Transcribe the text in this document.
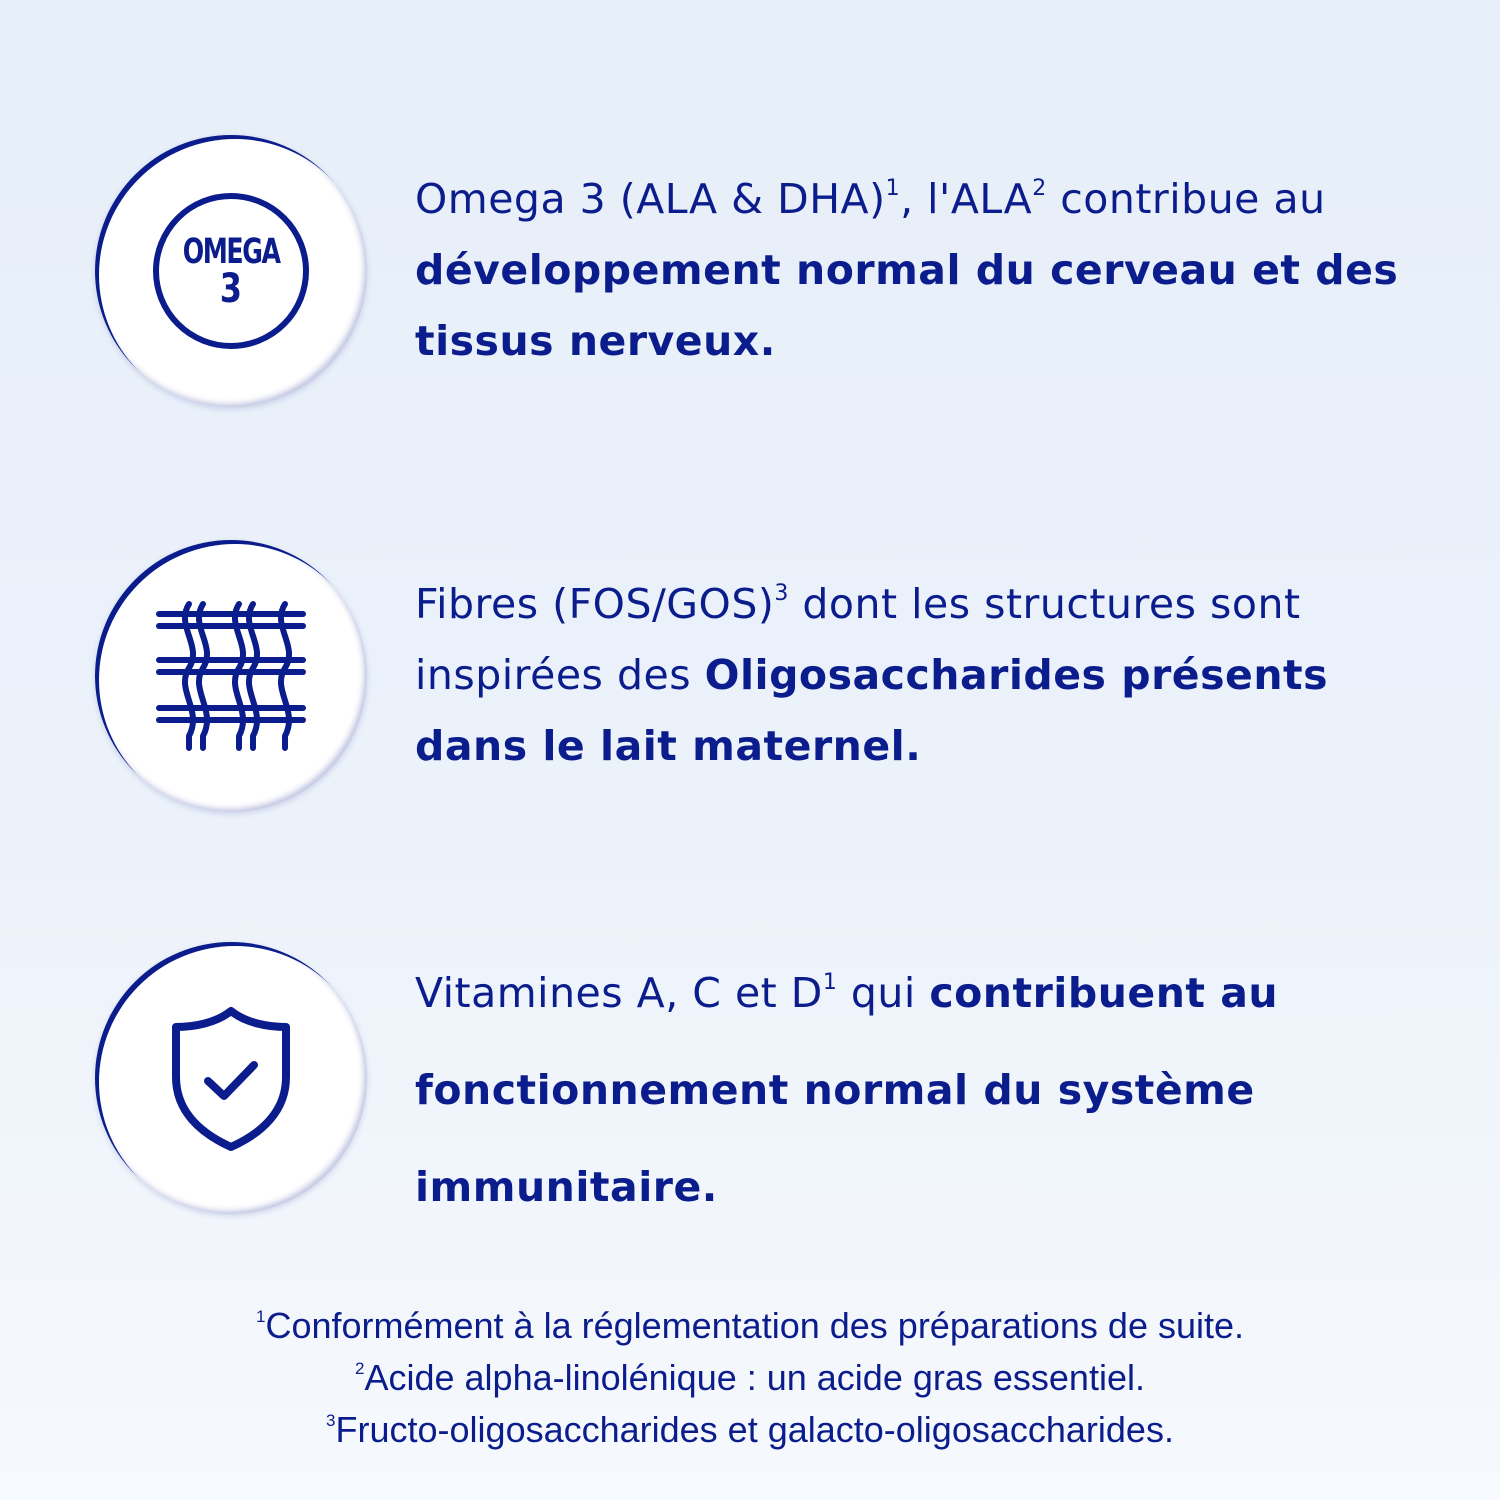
OMEGA
3
Omega 3 (ALA & DHA)$^1$, l'ALA$^2$ contribue au développement normal du cerveau et des tissus nerveux.
Fibres $(FOS/GOS)^3$ dont les structures sont inspirées des Oligosaccharides présents dans le lait maternel.
Vitamines A, C et $D^1$ qui contribuent au fonctionnement normal du système immunitaire.
$^1$Conformément à la réglementation des préparations de suite.
$^2$Acide alpha-linolénique : un acide gras essentiel.
$^3$Fructo-oligosaccharides et galacto-oligosaccharides.
